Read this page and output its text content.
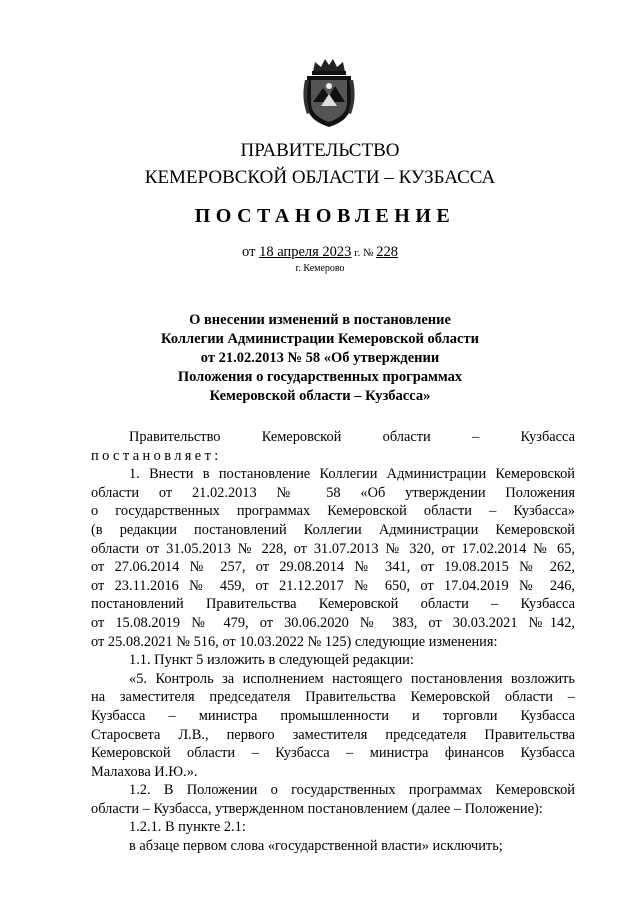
ПРАВИТЕЛЬСТВО
КЕМЕРОВСКОЙ ОБЛАСТИ – КУЗБАССА
ПОСТАНОВЛЕНИЕ
от 18 апреля 2023 г. № 228
г. Кемерово
О внесении изменений в постановление
Коллегии Администрации Кемеровской области
от 21.02.2013 № 58 «Об утверждении
Положения о государственных программах
Кемеровской области – Кузбасса»
Правительство Кемеровской области – Кузбасса
постановляет:
1. Внести в постановление Коллегии Администрации Кемеровской
области от 21.02.2013 № 58 «Об утверждении Положения
о государственных программах Кемеровской области – Кузбасса»
(в редакции постановлений Коллегии Администрации Кемеровской
области от 31.05.2013 № 228, от 31.07.2013 № 320, от 17.02.2014 № 65,
от 27.06.2014 № 257, от 29.08.2014 № 341, от 19.08.2015 № 262,
от 23.11.2016 № 459, от 21.12.2017 № 650, от 17.04.2019 № 246,
постановлений Правительства Кемеровской области – Кузбасса
от 15.08.2019 № 479, от 30.06.2020 № 383, от 30.03.2021 №142,
от 25.08.2021 № 516, от 10.03.2022 № 125) следующие изменения:
1.1. Пункт 5 изложить в следующей редакции:
«5. Контроль за исполнением настоящего постановления возложить
на заместителя председателя Правительства Кемеровской области –
Кузбасса – министра промышленности и торговли Кузбасса
Старосвета Л.В., первого заместителя председателя Правительства
Кемеровской области – Кузбасса – министра финансов Кузбасса
Малахова И.Ю.».
1.2. В Положении о государственных программах Кемеровской
области – Кузбасса, утвержденном постановлением (далее – Положение):
1.2.1. В пункте 2.1:
в абзаце первом слова «государственной власти» исключить;
